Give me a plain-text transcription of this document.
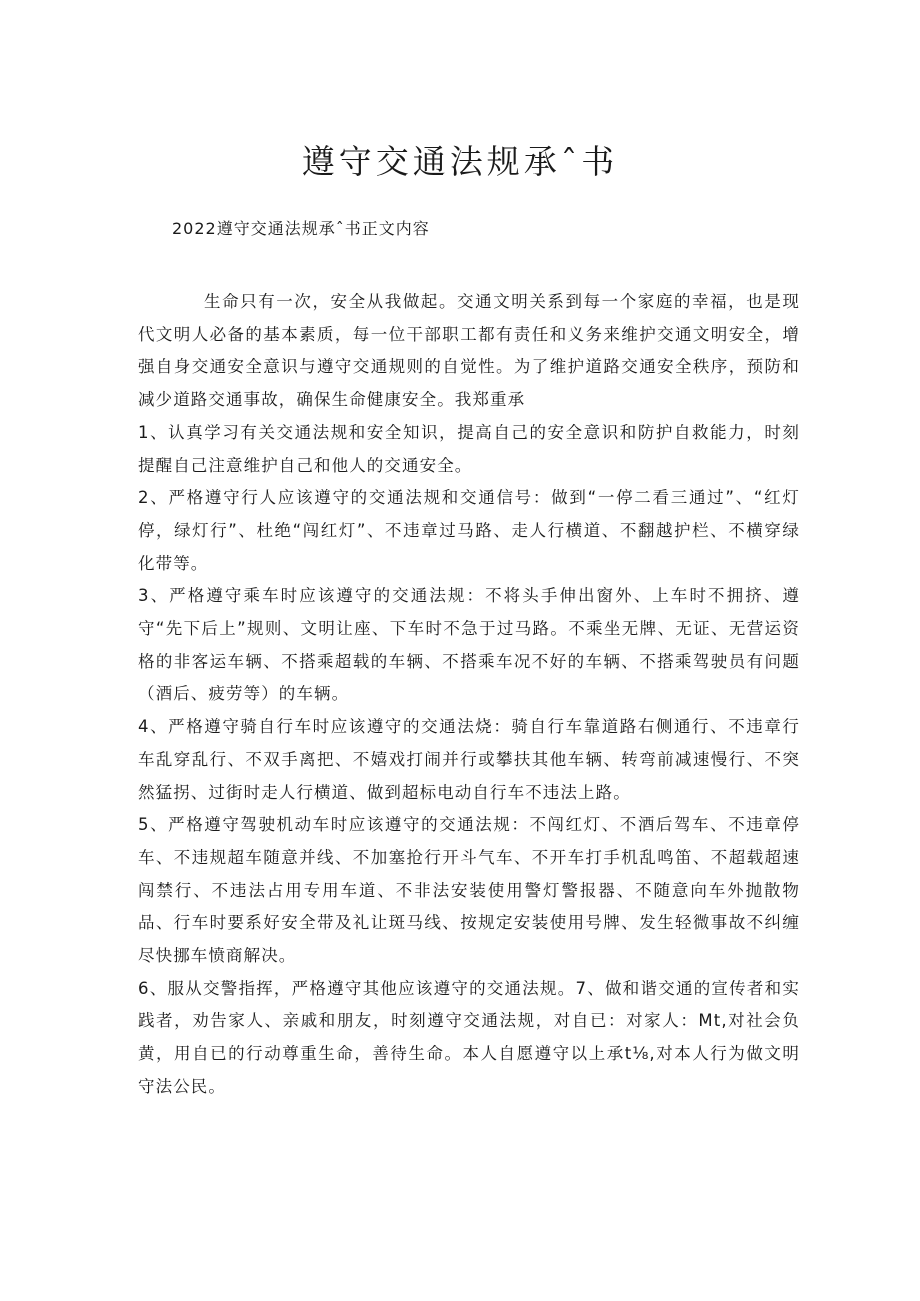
遵守交通法规承ˆ书

2022遵守交通法规承ˆ书正文内容

生命只有一次，安全从我做起。交通文明关系到每一个家庭的幸福，也是现代文明人必备的基本素质，每一位干部职工都有责任和义务来维护交通文明安全，增强自身交通安全意识与遵守交通规则的自觉性。为了维护道路交通安全秩序，预防和减少道路交通事故，确保生命健康安全。我郑重承

1、认真学习有关交通法规和安全知识，提高自己的安全意识和防护自救能力，时刻提醒自己注意维护自己和他人的交通安全。

2、严格遵守行人应该遵守的交通法规和交通信号：做到“一停二看三通过”、“红灯停，绿灯行”、杜绝“闯红灯”、不违章过马路、走人行横道、不翻越护栏、不横穿绿化带等。

3、严格遵守乘车时应该遵守的交通法规：不将头手伸出窗外、上车时不拥挤、遵守“先下后上”规则、文明让座、下车时不急于过马路。不乘坐无牌、无证、无营运资格的非客运车辆、不搭乘超载的车辆、不搭乘车况不好的车辆、不搭乘驾驶员有问题（酒后、疲劳等）的车辆。

4、严格遵守骑自行车时应该遵守的交通法烧：骑自行车靠道路右侧通行、不违章行车乱穿乱行、不双手离把、不嬉戏打闹并行或攀扶其他车辆、转弯前减速慢行、不突然猛拐、过街时走人行横道、做到超标电动自行车不违法上路。

5、严格遵守驾驶机动车时应该遵守的交通法规：不闯红灯、不酒后驾车、不违章停车、不违规超车随意并线、不加塞抢行开斗气车、不开车打手机乱鸣笛、不超载超速闯禁行、不违法占用专用车道、不非法安装使用警灯警报器、不随意向车外抛散物品、行车时要系好安全带及礼让斑马线、按规定安装使用号牌、发生轻微事故不纠缠尽快挪车愤商解决。

6、服从交警指挥，严格遵守其他应该遵守的交通法规。7、做和谐交通的宣传者和实践者，劝告家人、亲戚和朋友，时刻遵守交通法规，对自已：对家人：Mt,对社会负黄，用自已的行动尊重生命，善待生命。本人自愿遵守以上承t⅛,对本人行为做文明守法公民。
